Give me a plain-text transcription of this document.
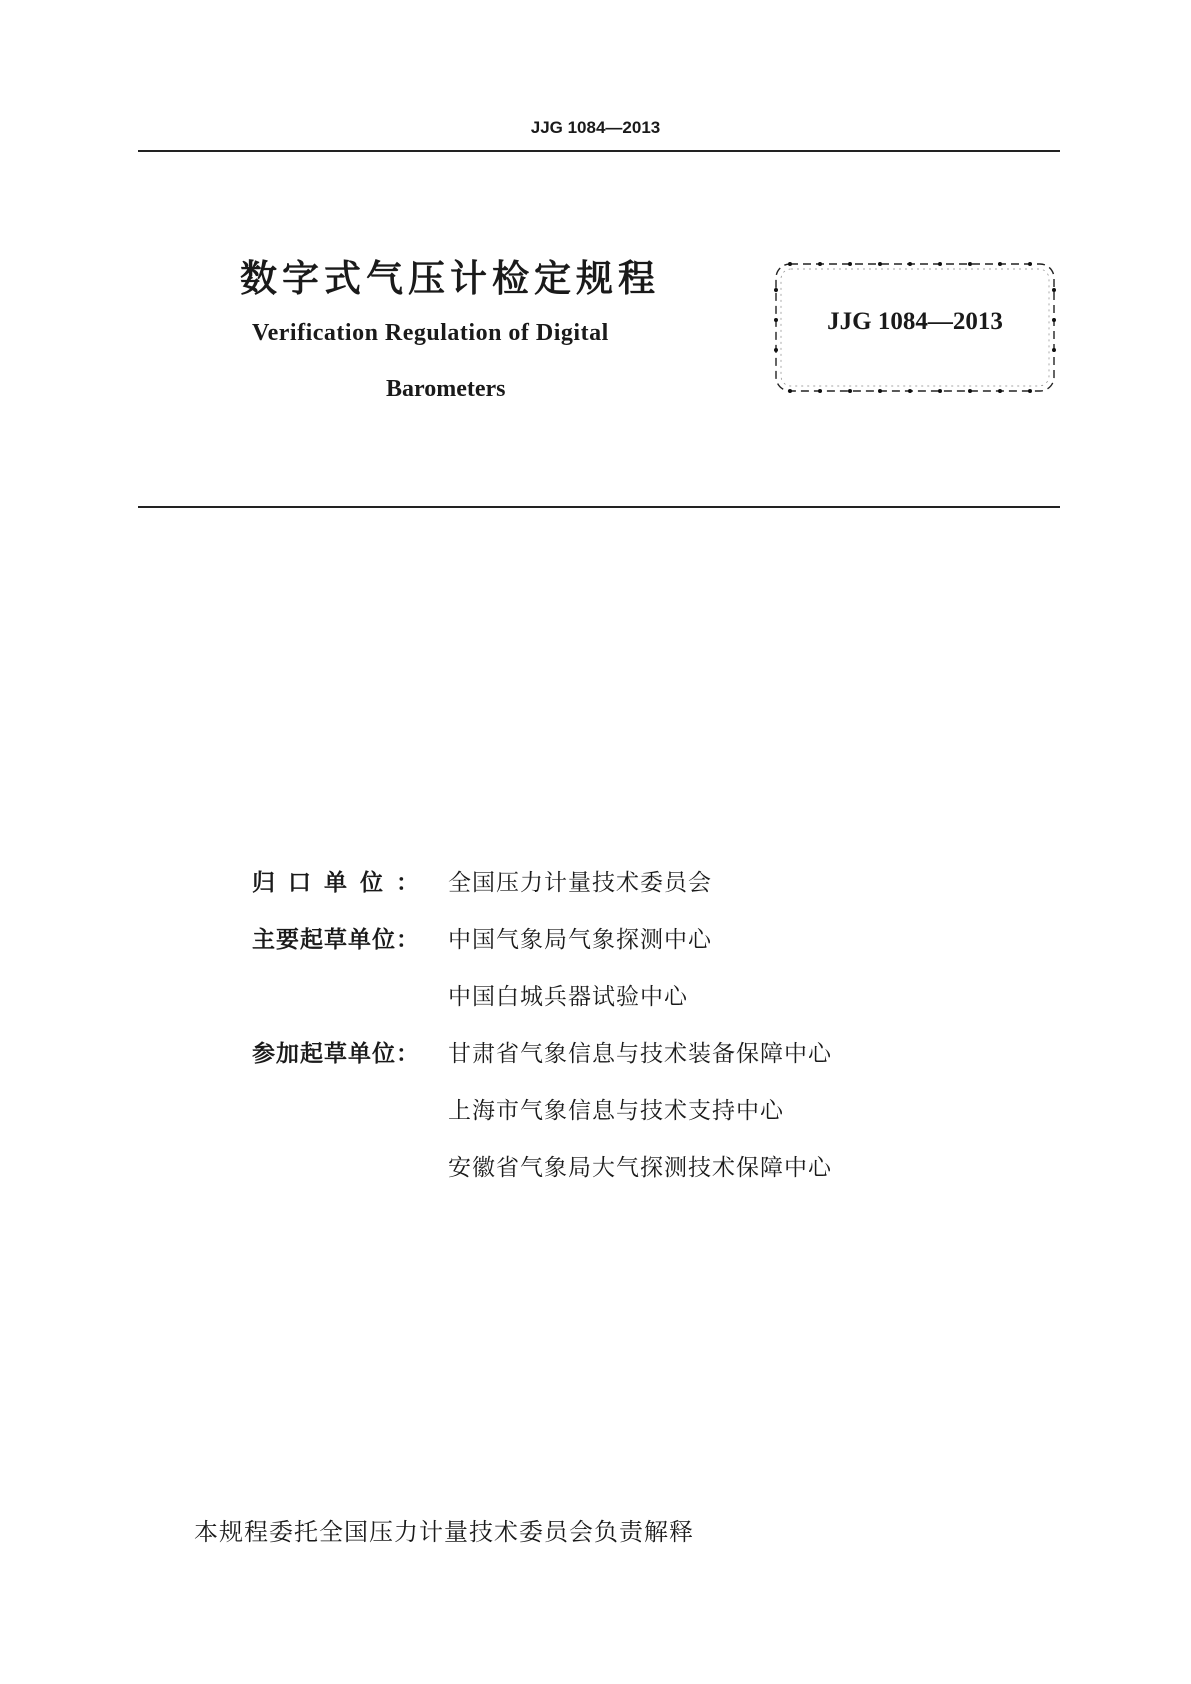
JJG 1084—2013
数字式气压计检定规程
Verification Regulation of Digital
Barometers
JJG 1084—2013
归口单位： 全国压力计量技术委员会
主要起草单位：	中国气象局气象探测中心
中国白城兵器试验中心
参加起草单位：	甘肃省气象信息与技术装备保障中心
上海市气象信息与技术支持中心
安徽省气象局大气探测技术保障中心
本规程委托全国压力计量技术委员会负责解释
